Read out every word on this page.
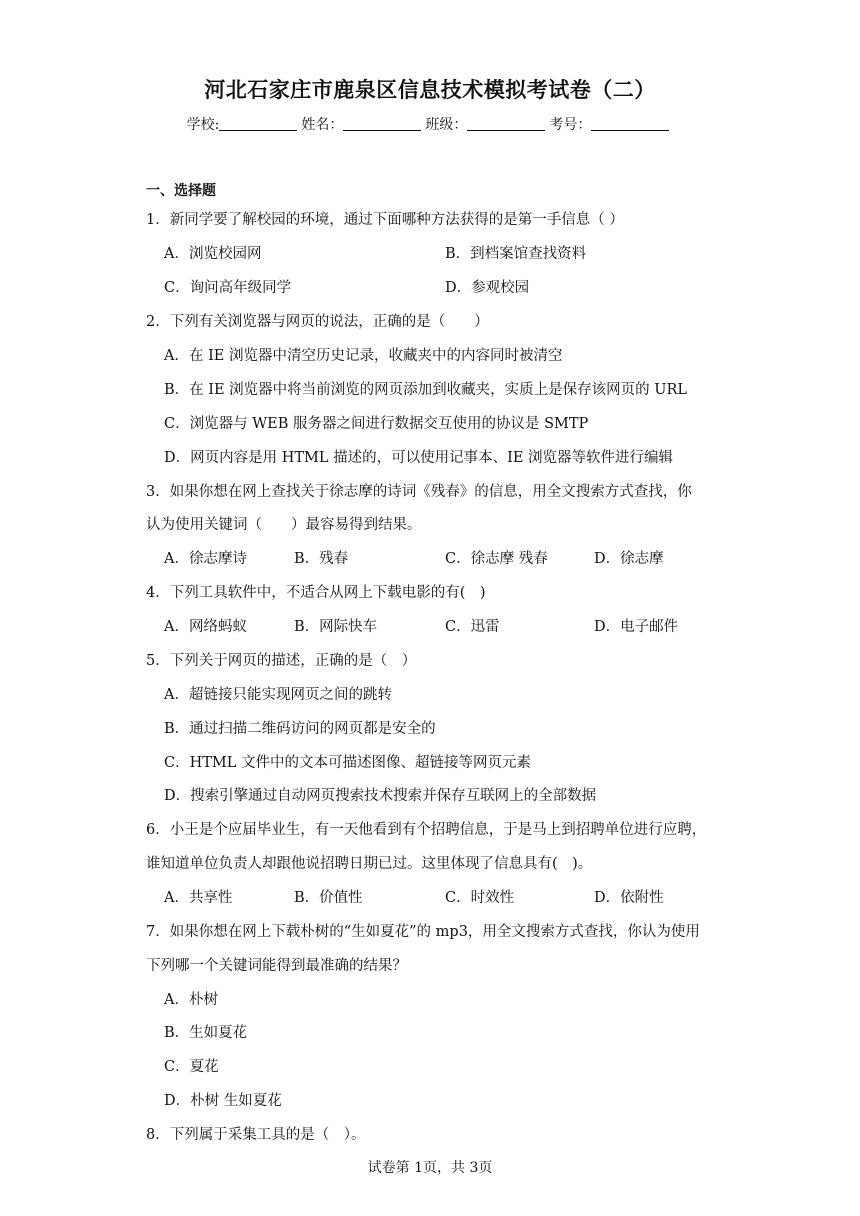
河北石家庄市鹿泉区信息技术模拟考试卷（二）
学校:	姓名：	班级：	考号：
一、选择题
1．新同学要了解校园的环境，通过下面哪种方法获得的是第一手信息（ ）
A．浏览校园网	B．到档案馆查找资料
C．询问高年级同学	D．参观校园
2．下列有关浏览器与网页的说法，正确的是（　　）
A．在 IE 浏览器中清空历史记录，收藏夹中的内容同时被清空
B．在 IE 浏览器中将当前浏览的网页添加到收藏夹，实质上是保存该网页的 URL
C．浏览器与 WEB 服务器之间进行数据交互使用的协议是 SMTP
D．网页内容是用 HTML 描述的，可以使用记事本、IE 浏览器等软件进行编辑
3．如果你想在网上查找关于徐志摩的诗词《残春》的信息，用全文搜索方式查找，你
认为使用关键词（　　）最容易得到结果。
A．徐志摩诗	B．残春	C．徐志摩 残春	D．徐志摩
4．下列工具软件中，不适合从网上下载电影的有(　)
A．网络蚂蚁	B．网际快车	C．迅雷	D．电子邮件
5．下列关于网页的描述，正确的是（　）
A．超链接只能实现网页之间的跳转
B．通过扫描二维码访问的网页都是安全的
C．HTML 文件中的文本可描述图像、超链接等网页元素
D．搜索引擎通过自动网页搜索技术搜索并保存互联网上的全部数据
6．小王是个应届毕业生，有一天他看到有个招聘信息，于是马上到招聘单位进行应聘，
谁知道单位负责人却跟他说招聘日期已过。这里体现了信息具有(　)。
A．共享性	B．价值性	C．时效性	D．依附性
7．如果你想在网上下载朴树的“生如夏花”的 mp3，用全文搜索方式查找，你认为使用
下列哪一个关键词能得到最准确的结果？
A．朴树
B．生如夏花
C．夏花
D．朴树 生如夏花
8．下列属于采集工具的是（　）。
试卷第 1页，共 3页
